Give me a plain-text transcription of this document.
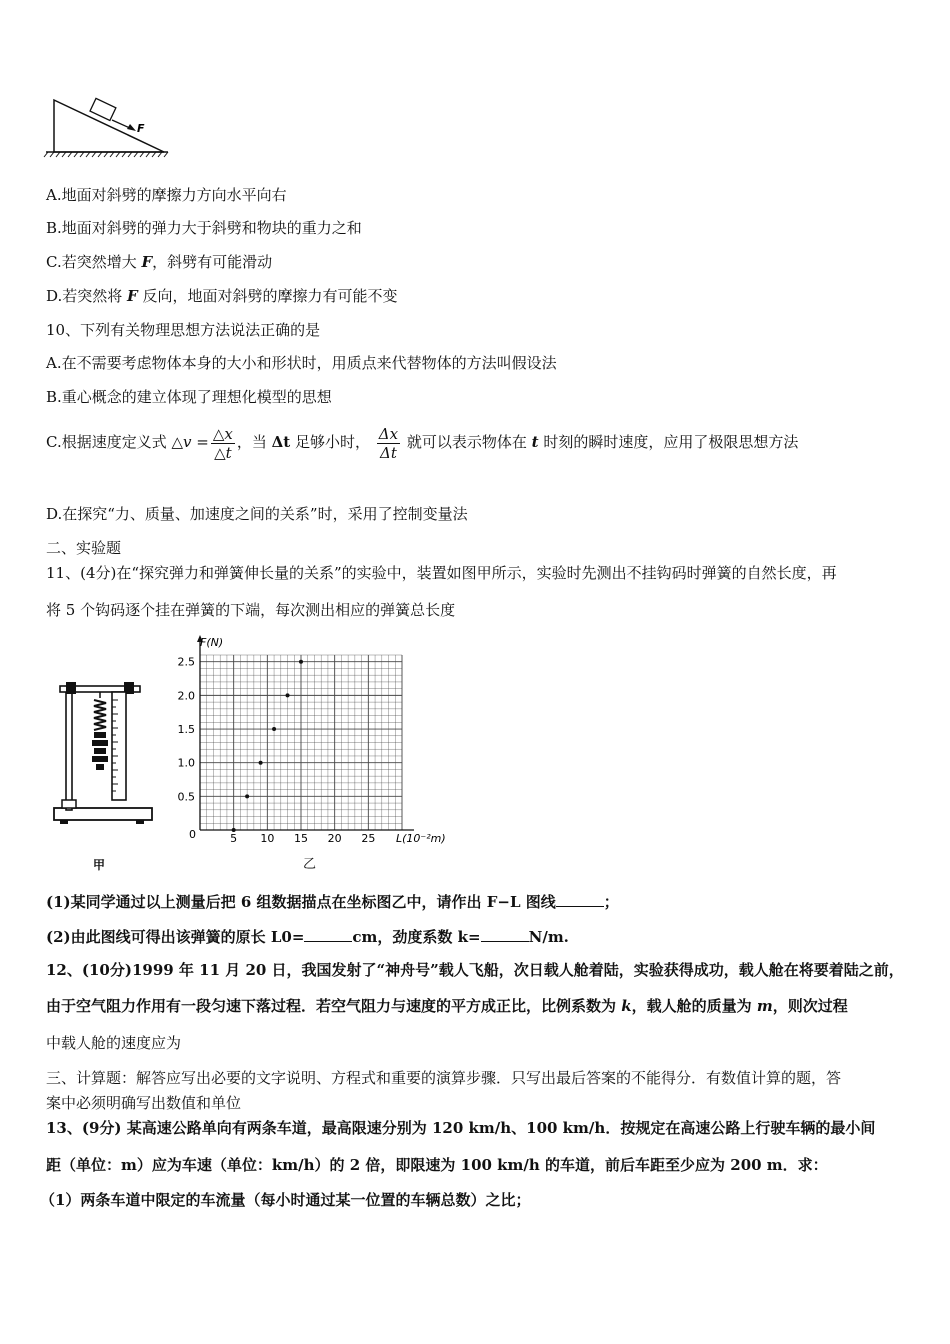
F
A.地面对斜劈的摩擦力方向水平向右
B.地面对斜劈的弹力大于斜劈和物块的重力之和
C.若突然增大 F，斜劈有可能滑动
D.若突然将 F 反向，地面对斜劈的摩擦力有可能不变
10、下列有关物理思想方法说法正确的是
A.在不需要考虑物体本身的大小和形状时，用质点来代替物体的方法叫假设法
B.重心概念的建立体现了理想化模型的思想
C.根据速度定义式 △v = $\frac{\triangle x}{\triangle t}$ ，当 Δt 足够小时， $\frac{\Delta x}{\Delta t}$ 就可以表示物体在 t 时刻的瞬时速度，应用了极限思想方法
D.在探究“力、质量、加速度之间的关系”时，采用了控制变量法
二、实验题
11、(4分)在“探究弹力和弹簧伸长量的关系”的实验中，装置如图甲所示，实验时先测出不挂钩码时弹簧的自然长度，再
将 5 个钩码逐个挂在弹簧的下端，每次测出相应的弹簧总长度
甲
5 10 15 20 25
0.5
1.0
1.5
2.0
2.5
F(N)
L(10⁻²m)
0
乙
(1)某同学通过以上测量后把 6 组数据描点在坐标图乙中，请作出 F−L 图线	；
(2)由此图线可得出该弹簧的原长 L0=	cm，劲度系数 k=	N/m.
12、(10分)1999 年 11 月 20 日，我国发射了“神舟号”载人飞船，次日载人舱着陆，实验获得成功，载人舱在将要着陆之前，
由于空气阻力作用有一段匀速下落过程．若空气阻力与速度的平方成正比，比例系数为 k，载人舱的质量为 m，则次过程
中载人舱的速度应为
三、计算题：解答应写出必要的文字说明、方程式和重要的演算步骤．只写出最后答案的不能得分．有数值计算的题，答
案中必须明确写出数值和单位
13、(9分) 某高速公路单向有两条车道，最高限速分别为 120 km/h、100 km/h．按规定在高速公路上行驶车辆的最小间
距（单位：m）应为车速（单位：km/h）的 2 倍，即限速为 100 km/h 的车道，前后车距至少应为 200 m．求：
（1）两条车道中限定的车流量（每小时通过某一位置的车辆总数）之比；
